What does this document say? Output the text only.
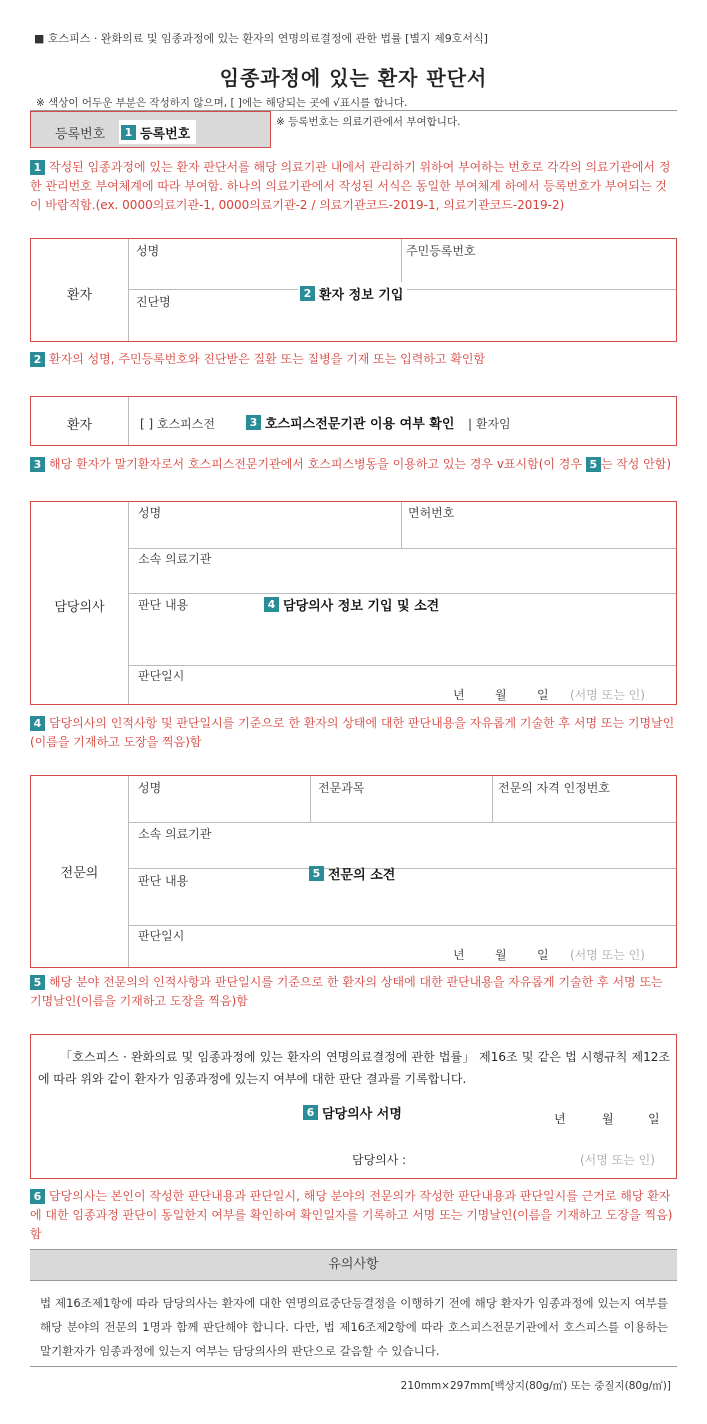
■ 호스피스 · 완화의료 및 임종과정에 있는 환자의 연명의료결정에 관한 법률 [별지 제9호서식]
임종과정에 있는 환자 판단서
※ 색상이 어두운 부분은 작성하지 않으며, [ ]에는 해당되는 곳에 √표시를 합니다.
등록번호	1 등록번호
※ 등록번호는 의료기관에서 부여합니다.
1 작성된 임종과정에 있는 환자 판단서를 해당 의료기관 내에서 관리하기 위하여 부여하는 번호로 각각의 의료기관에서 정한 관리번호 부여체계에 따라 부여함. 하나의 의료기관에서 작성된 서식은 동일한 부여체계 하에서 등록번호가 부여되는 것이 바람직함.(ex. 0000의료기관-1, 0000의료기관-2 / 의료기관코드-2019-1, 의료기관코드-2019-2)
환자
성명	주민등록번호
진단명
2 환자 정보 기입
2 환자의 성명, 주민등록번호와 진단받은 질환 또는 질병을 기재 또는 입력하고 확인함
환자	[ ] 호스피스전	3 호스피스전문기관 이용 여부 확인 | 환자임
3 해당 환자가 말기환자로서 호스피스전문기관에서 호스피스병동을 이용하고 있는 경우 v표시함(이 경우 5 는 작성 안함)
담당의사
성명	면허번호
소속 의료기관
판단 내용	4 담당의사 정보 기입 및 소견
판단일시
년	월	일 (서명 또는 인)
4 담당의사의 인적사항 및 판단일시를 기준으로 한 환자의 상태에 대한 판단내용을 자유롭게 기술한 후 서명 또는 기명날인 (이름을 기재하고 도장을 찍음)함
전문의
성명	전문과목	전문의 자격 인정번호
소속 의료기관
판단 내용
5 전문의 소견
판단일시
년	월	일 (서명 또는 인)
5 해당 분야 전문의의 인적사항과 판단일시를 기준으로 한 환자의 상태에 대한 판단내용을 자유롭게 기술한 후 서명 또는 기명날인(이름을 기재하고 도장을 찍음)함
「호스피스 · 완화의료 및 임종과정에 있는 환자의 연명의료결정에 관한 법률」 제16조 및 같은 법 시행규칙 제12조에 따라 위와 같이 환자가 임종과정에 있는지 여부에 대한 판단 결과를 기록합니다.
6 담당의사 서명	년	월	일
담당의사 :	(서명 또는 인)
6 담당의사는 본인이 작성한 판단내용과 판단일시, 해당 분야의 전문의가 작성한 판단내용과 판단일시를 근거로 해당 환자에 대한 임종과정 판단이 동일한지 여부를 확인하여 확인일자를 기록하고 서명 또는 기명날인(이름을 기재하고 도장을 찍음)함
유의사항
법 제16조제1항에 따라 담당의사는 환자에 대한 연명의료중단등결정을 이행하기 전에 해당 환자가 임종과정에 있는지 여부를 해당 분야의 전문의 1명과 함께 판단해야 합니다. 다만, 법 제16조제2항에 따라 호스피스전문기관에서 호스피스를 이용하는 말기환자가 임종과정에 있는지 여부는 담당의사의 판단으로 갈음할 수 있습니다.
210mm×297mm[백상지(80g/㎡) 또는 중질지(80g/㎡)]
